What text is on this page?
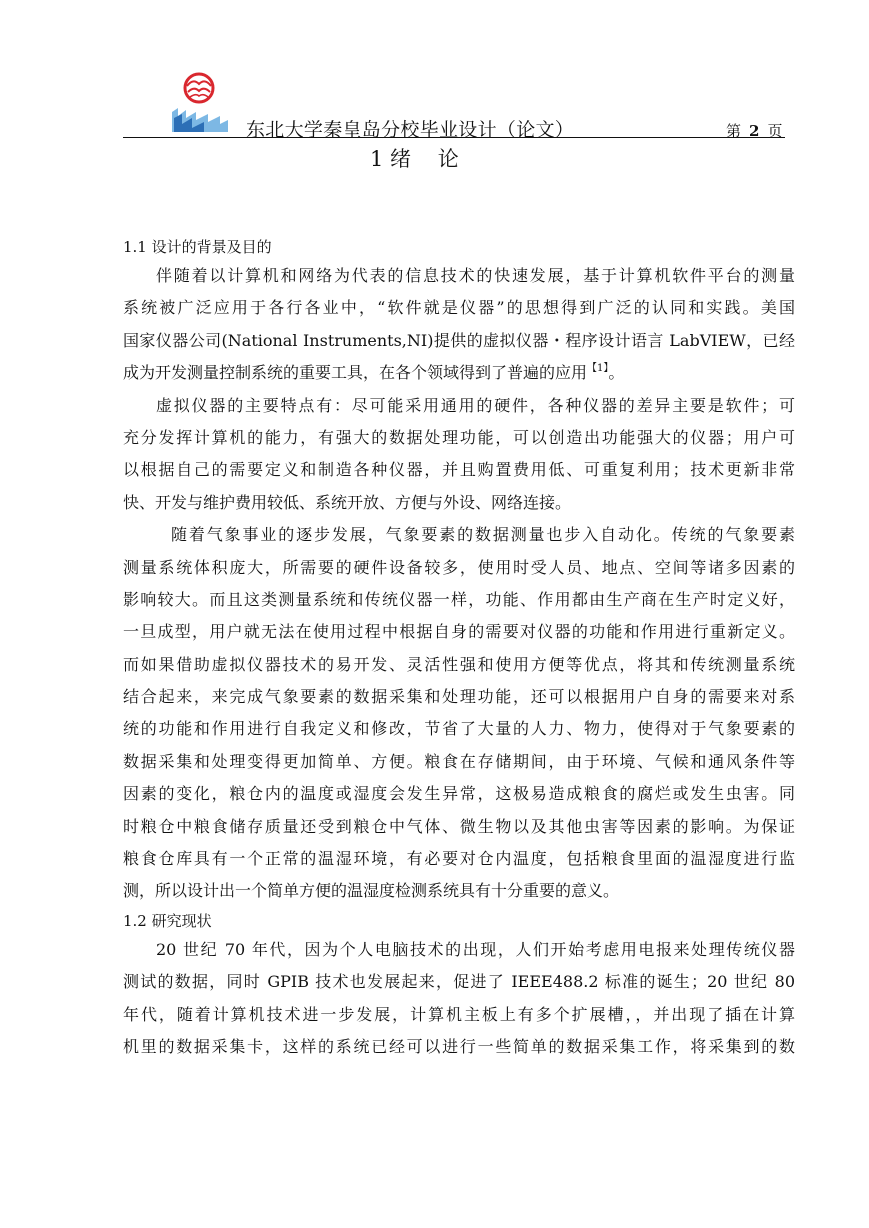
东北大学秦皇岛分校毕业设计（论文）	第 2 页
1 绪    论
1.1 设计的背景及目的
伴随着以计算机和网络为代表的信息技术的快速发展，基于计算机软件平台的测量
系统被广泛应用于各行各业中，“软件就是仪器”的思想得到广泛的认同和实践。美国
国家仪器公司(National Instruments,NI)提供的虚拟仪器・程序设计语言 LabVIEW，已经
成为开发测量控制系统的重要工具，在各个领域得到了普遍的应用$^{【1】}$。
虚拟仪器的主要特点有：尽可能采用通用的硬件，各种仪器的差异主要是软件；可
充分发挥计算机的能力，有强大的数据处理功能，可以创造出功能强大的仪器；用户可
以根据自己的需要定义和制造各种仪器，并且购置费用低、可重复利用；技术更新非常
快、开发与维护费用较低、系统开放、方便与外设、网络连接。
随着气象事业的逐步发展，气象要素的数据测量也步入自动化。传统的气象要素
测量系统体积庞大，所需要的硬件设备较多，使用时受人员、地点、空间等诸多因素的
影响较大。而且这类测量系统和传统仪器一样，功能、作用都由生产商在生产时定义好，
一旦成型，用户就无法在使用过程中根据自身的需要对仪器的功能和作用进行重新定义。
而如果借助虚拟仪器技术的易开发、灵活性强和使用方便等优点，将其和传统测量系统
结合起来，来完成气象要素的数据采集和处理功能，还可以根据用户自身的需要来对系
统的功能和作用进行自我定义和修改，节省了大量的人力、物力，使得对于气象要素的
数据采集和处理变得更加简单、方便。粮食在存储期间，由于环境、气候和通风条件等
因素的变化，粮仓内的温度或湿度会发生异常，这极易造成粮食的腐烂或发生虫害。同
时粮仓中粮食储存质量还受到粮仓中气体、微生物以及其他虫害等因素的影响。为保证
粮食仓库具有一个正常的温湿环境，有必要对仓内温度，包括粮食里面的温湿度进行监
测，所以设计出一个简单方便的温湿度检测系统具有十分重要的意义。
1.2 研究现状
20 世纪 70 年代，因为个人电脑技术的出现，人们开始考虑用电报来处理传统仪器
测试的数据，同时 GPIB 技术也发展起来，促进了 IEEE488.2 标准的诞生；20 世纪 80
年代，随着计算机技术进一步发展，计算机主板上有多个扩展槽，，并出现了插在计算
机里的数据采集卡，这样的系统已经可以进行一些简单的数据采集工作，将采集到的数
